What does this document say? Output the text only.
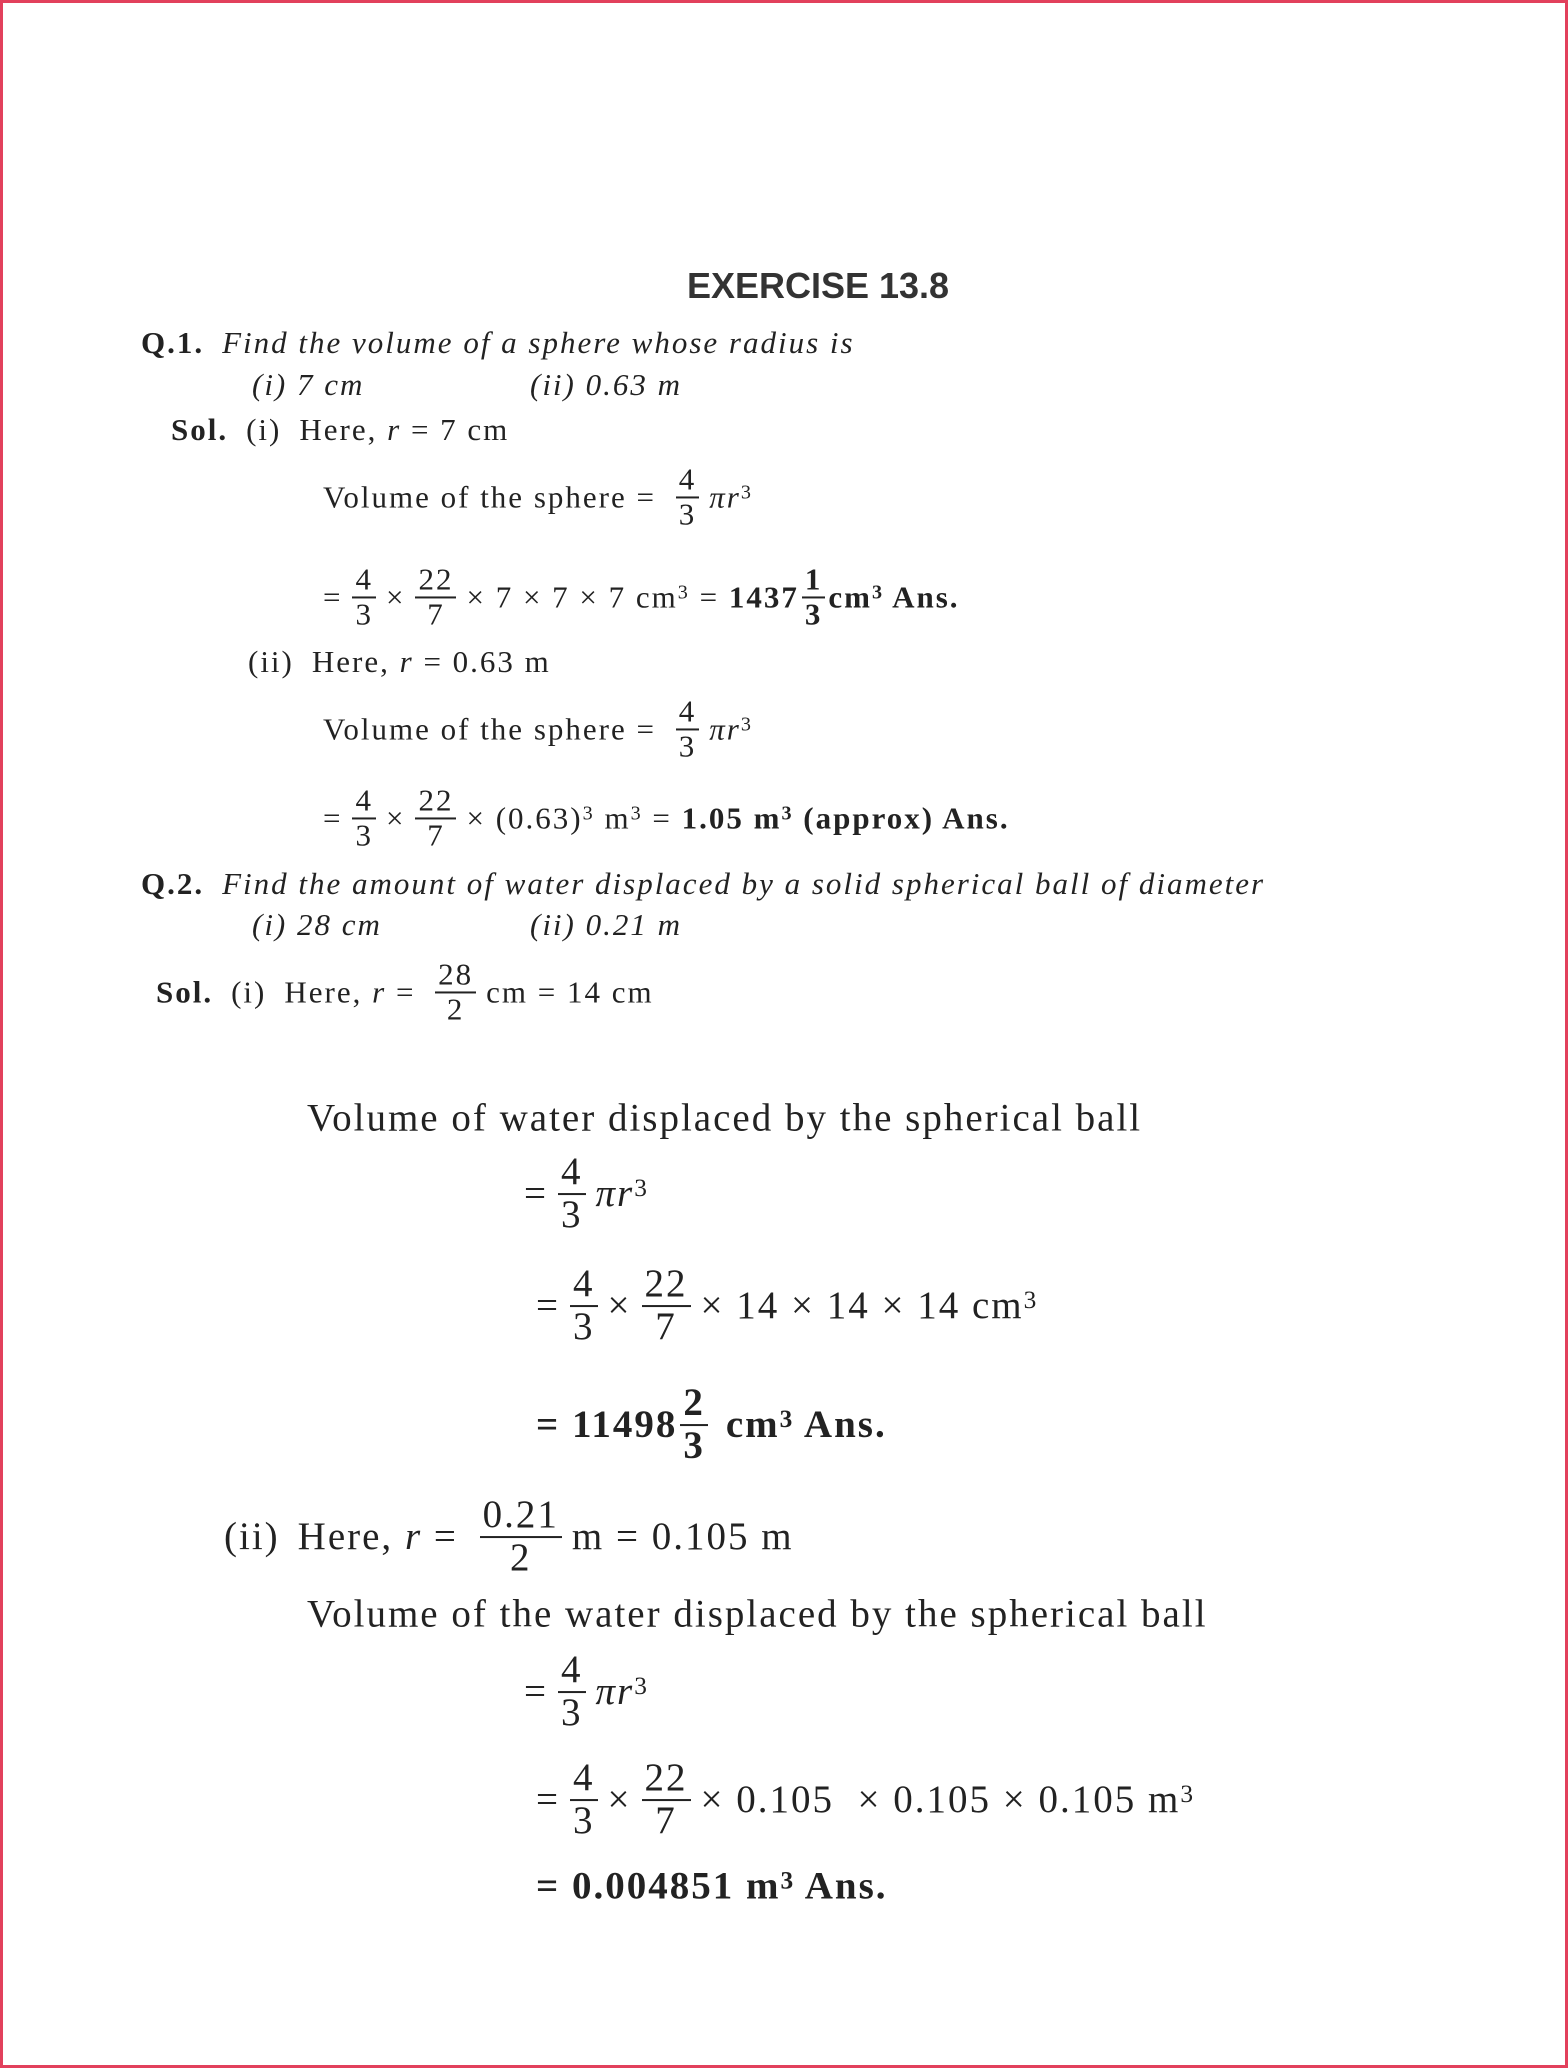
EXERCISE 13.8
Q.1. Find the volume of a sphere whose radius is
(i) 7 cm	(ii) 0.63 m
Sol. (i) Here, r = 7 cm
Volume of the sphere = $\frac{4}{3}$ πr 3
= $\frac{4}{3} \times \frac{22}{7} \times 7 \times 7 \times 7$ cm $3 = 1437 \frac{1}{3}$ cm 3 Ans.
(ii) Here, r = 0.63 m
Volume of the sphere = $\frac{4}{3}$ πr 3
= $\frac{4}{3} \times \frac{22}{7} \times (0.63)$ 3 m 3 = 1.05 m 3 (approx) Ans.
Q.2. Find the amount of water displaced by a solid spherical ball of diameter
(i) 28 cm	(ii) 0.21 m
Sol. (i) Here, $r = \frac{28}{2}$ cm = 14 cm
Volume of water displaced by the spherical ball
= $\frac{4}{3}$ πr 3
= $\frac{4}{3} \times \frac{22}{7} \times 14 \times 14 \times 14$ cm 3
= $11498 \frac{2}{3}$ cm 3 Ans.
(ii) Here, $r = \frac{0.21}{2}$ m = 0.105 m
Volume of the water displaced by the spherical ball
= $\frac{4}{3}$ πr 3
= $\frac{4}{3} \times \frac{22}{7} \times 0.105 \times 0.105 \times 0.105$ m 3
= 0.004851 m 3 Ans.
